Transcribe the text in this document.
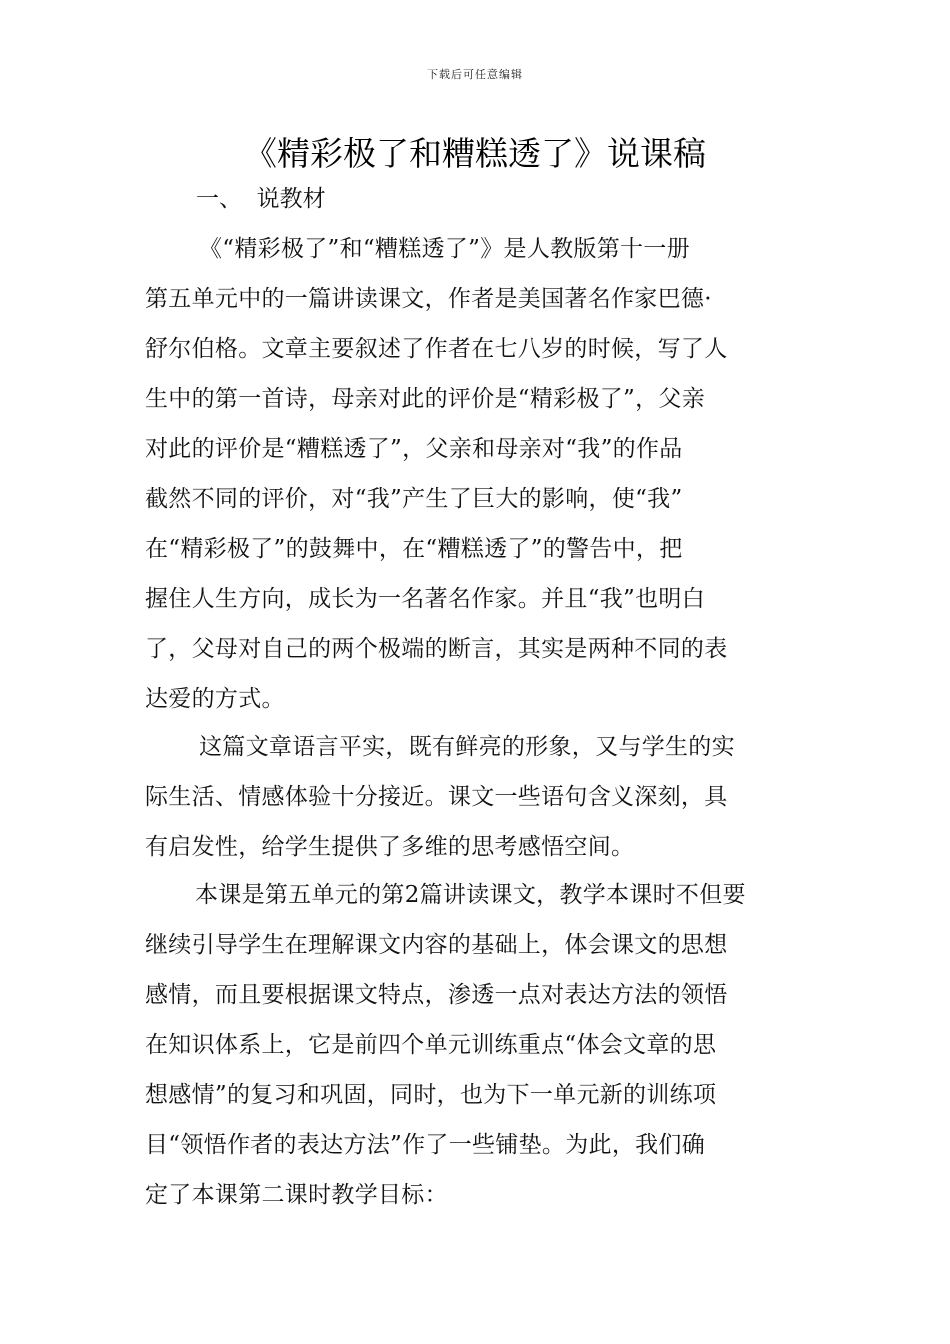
下载后可任意编辑
《精彩极了和糟糕透了》说课稿
一、  说教材

《“精彩极了”和“糟糕透了”》是人教版第十一册
第五单元中的一篇讲读课文，作者是美国著名作家巴德·
舒尔伯格。文章主要叙述了作者在七八岁的时候，写了人
生中的第一首诗，母亲对此的评价是“精彩极了”，父亲
对此的评价是“糟糕透了”，父亲和母亲对“我”的作品
截然不同的评价，对“我”产生了巨大的影响，使“我”
在“精彩极了”的鼓舞中，在“糟糕透了”的警告中，把
握住人生方向，成长为一名著名作家。并且“我”也明白
了，父母对自己的两个极端的断言，其实是两种不同的表
达爱的方式。

这篇文章语言平实，既有鲜亮的形象，又与学生的实
际生活、情感体验十分接近。课文一些语句含义深刻，具
有启发性，给学生提供了多维的思考感悟空间。

本课是第五单元的第2篇讲读课文，教学本课时不但要
继续引导学生在理解课文内容的基础上，体会课文的思想
感情，而且要根据课文特点，渗透一点对表达方法的领悟
在知识体系上，它是前四个单元训练重点“体会文章的思
想感情”的复习和巩固，同时，也为下一单元新的训练项
目“领悟作者的表达方法”作了一些铺垫。为此，我们确
定了本课第二课时教学目标：
